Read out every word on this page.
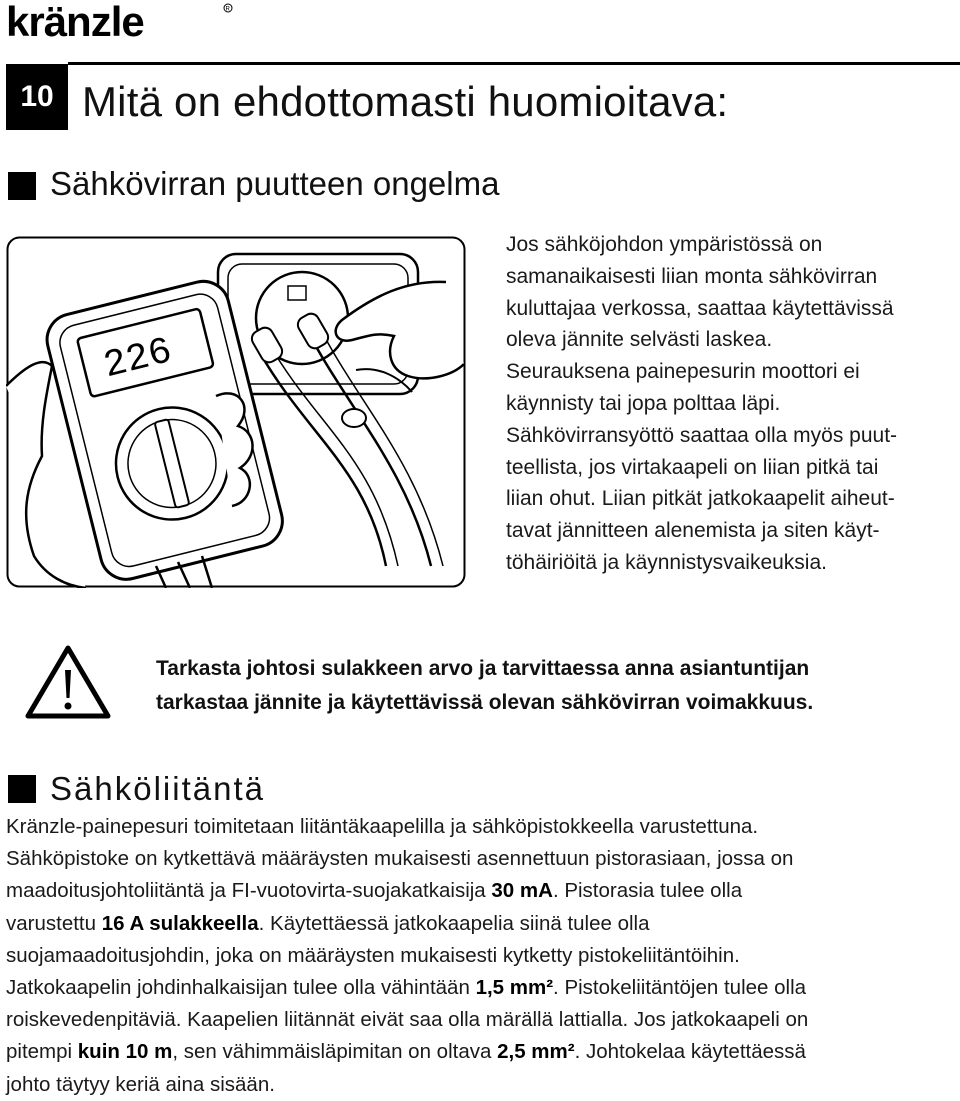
kränzle	R
10 Mitä on ehdottomasti huomioitava:
Sähkövirran puutteen ongelma
226
Jos sähköjohdon ympäristössä on
samanaikaisesti liian monta sähkövirran
kuluttajaa verkossa, saattaa käytettävissä
oleva jännite selvästi laskea.
Seurauksena painepesurin moottori ei
käynnisty tai jopa polttaa läpi.
Sähkövirransyöttö saattaa olla myös puut-
teellista, jos virtakaapeli on liian pitkä tai
liian ohut. Liian pitkät jatkokaapelit aiheut-
tavat jännitteen alenemista ja siten käyt-
töhäiriöitä ja käynnistysvaikeuksia.
Tarkasta johtosi sulakkeen arvo ja tarvittaessa anna asiantuntijan
tarkastaa jännite ja käytettävissä olevan sähkövirran voimakkuus.
Sähköliitäntä
Kränzle-painepesuri toimitetaan liitäntäkaapelilla ja sähköpistokkeella varustettuna.
Sähköpistoke on kytkettävä määräysten mukaisesti asennettuun pistorasiaan, jossa on
maadoitusjohtoliitäntä ja FI-vuotovirta-suojakatkaisija 30 mA. Pistorasia tulee olla
varustettu 16 A sulakkeella. Käytettäessä jatkokaapelia siinä tulee olla
suojamaadoitusjohdin, joka on määräysten mukaisesti kytketty pistokeliitäntöihin.
Jatkokaapelin johdinhalkaisijan tulee olla vähintään 1,5 mm². Pistokeliitäntöjen tulee olla
roiskevedenpitäviä. Kaapelien liitännät eivät saa olla märällä lattialla. Jos jatkokaapeli on
pitempi kuin 10 m, sen vähimmäisläpimitan on oltava 2,5 mm². Johtokelaa käytettäessä
johto täytyy keriä aina sisään.
